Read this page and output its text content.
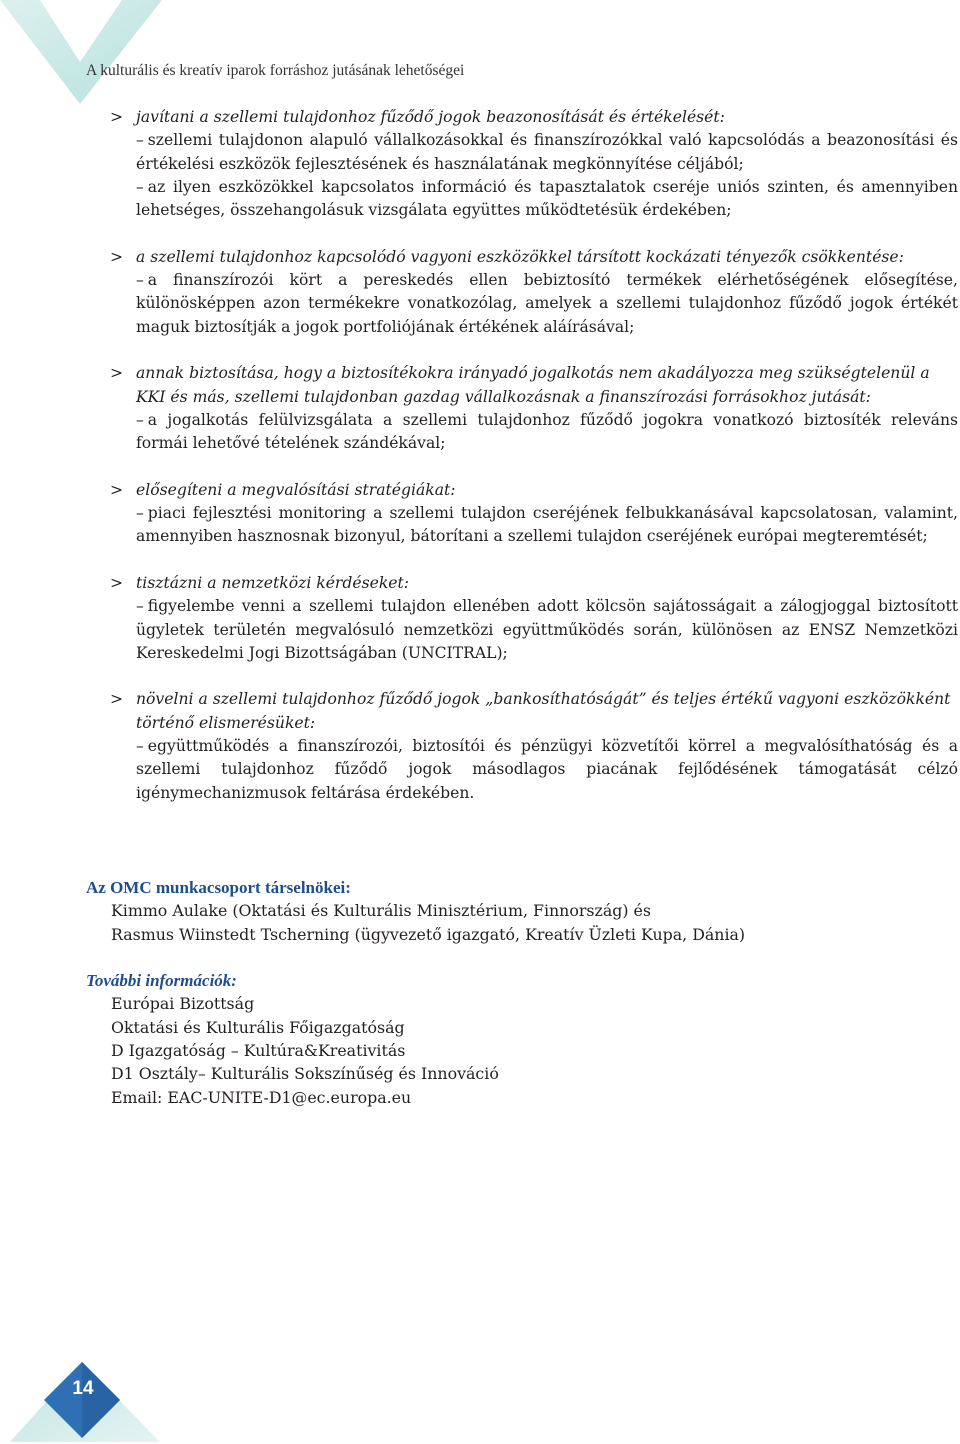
A kulturális és kreatív iparok forráshoz jutásának lehetőségei
> javítani a szellemi tulajdonhoz fűződő jogok beazonosítását és értékelését:
– szellemi tulajdonon alapuló vállalkozásokkal és finanszírozókkal való kapcsolódás a beazonosítási és értékelési eszközök fejlesztésének és használatának megkönnyítése céljából;
– az ilyen eszközökkel kapcsolatos információ és tapasztalatok cseréje uniós szinten, és amennyiben lehetséges, összehangolásuk vizsgálata együttes működtetésük érdekében;
> a szellemi tulajdonhoz kapcsolódó vagyoni eszközökkel társított kockázati tényezők csökkentése:
– a finanszírozói kört a pereskedés ellen bebiztosító termékek elérhetőségének elősegítése, különösképpen azon termékekre vonatkozólag, amelyek a szellemi tulajdonhoz fűződő jogok értékét maguk biztosítják a jogok portfoliójának értékének aláírásával;
> annak biztosítása, hogy a biztosítékokra irányadó jogalkotás nem akadályozza meg szükségtelenül a KKI és más, szellemi tulajdonban gazdag vállalkozásnak a finanszírozási forrásokhoz jutását:
– a jogalkotás felülvizsgálata a szellemi tulajdonhoz fűződő jogokra vonatkozó biztosíték releváns formái lehetővé tételének szándékával;
> elősegíteni a megvalósítási stratégiákat:
– piaci fejlesztési monitoring a szellemi tulajdon cseréjének felbukkanásával kapcsolatosan, valamint, amennyiben hasznosnak bizonyul, bátorítani a szellemi tulajdon cseréjének európai megteremtését;
> tisztázni a nemzetközi kérdéseket:
– figyelembe venni a szellemi tulajdon ellenében adott kölcsön sajátosságait a zálogjoggal biztosított ügyletek területén megvalósuló nemzetközi együttműködés során, különösen az ENSZ Nemzetközi Kereskedelmi Jogi Bizottságában (UNCITRAL);
> növelni a szellemi tulajdonhoz fűződő jogok „bankosíthatóságát” és teljes értékű vagyoni eszközökként történő elismerésüket:
– együttműködés a finanszírozói, biztosítói és pénzügyi közvetítői körrel a megvalósíthatóság és a szellemi tulajdonhoz fűződő jogok másodlagos piacának fejlődésének támogatását célzó igénymechanizmusok feltárása érdekében.
Az OMC munkacsoport társelnökei:
Kimmo Aulake (Oktatási és Kulturális Minisztérium, Finnország) és
Rasmus Wiinstedt Tscherning (ügyvezető igazgató, Kreatív Üzleti Kupa, Dánia)
További információk:
Európai Bizottság
Oktatási és Kulturális Főigazgatóság
D Igazgatóság – Kultúra&Kreativitás
D1 Osztály– Kulturális Sokszínűség és Innováció
Email: EAC-UNITE-D1@ec.europa.eu
14
